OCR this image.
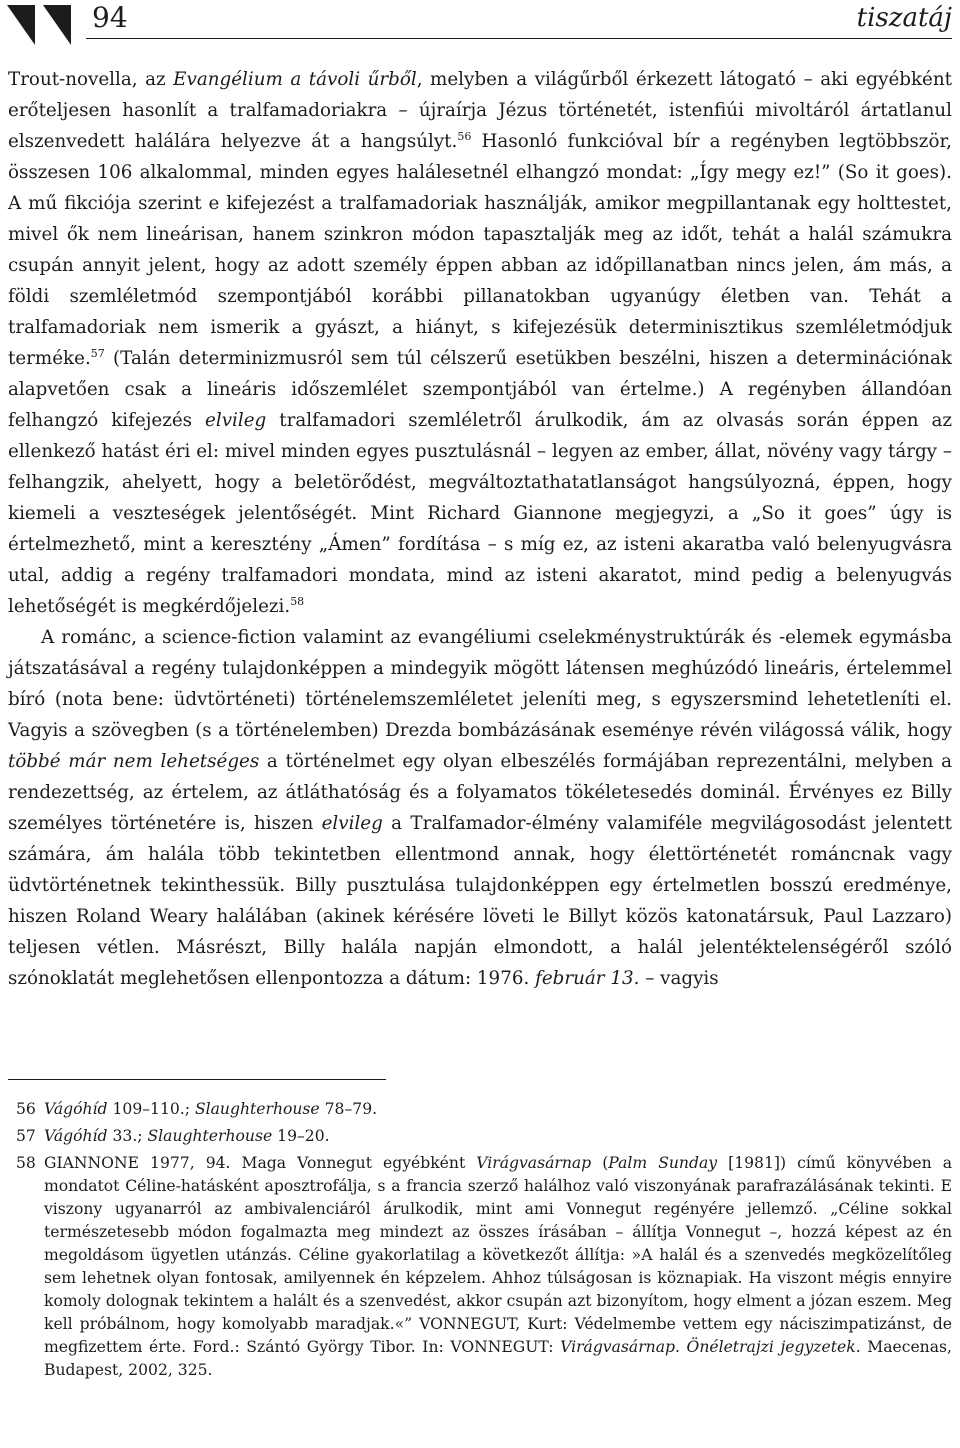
94	tiszatáj

Trout-novella, az Evangélium a távoli űrből, melyben a világűrből érkezett látogató – aki egyébként erőteljesen hasonlít a tralfamadoriakra – újraírja Jézus történetét, istenfiúi mivoltáról ártatlanul elszenvedett halálára helyezve át a hangsúlyt.$^{56}$ Hasonló funkcióval bír a regényben legtöbbször, összesen 106 alkalommal, minden egyes halálesetnél elhangzó mondat: „Így megy ez!” (So it goes). A mű fikciója szerint e kifejezést a tralfamadoriak használják, amikor megpillantanak egy holttestet, mivel ők nem lineárisan, hanem szinkron módon tapasztalják meg az időt, tehát a halál számukra csupán annyit jelent, hogy az adott személy éppen abban az időpillanatban nincs jelen, ám más, a földi szemléletmód szempontjából korábbi pillanatokban ugyanúgy életben van. Tehát a tralfamadoriak nem ismerik a gyászt, a hiányt, s kifejezésük determinisztikus szemléletmódjuk terméke.$^{57}$ (Talán determinizmusról sem túl célszerű esetükben beszélni, hiszen a determinációnak alapvetően csak a lineáris időszemlélet szempontjából van értelme.) A regényben állandóan felhangzó kifejezés elvileg tralfamadori szemléletről árulkodik, ám az olvasás során éppen az ellenkező hatást éri el: mivel minden egyes pusztulásnál – legyen az ember, állat, növény vagy tárgy – felhangzik, ahelyett, hogy a beletörődést, megváltoztathatatlanságot hangsúlyozná, éppen, hogy kiemeli a veszteségek jelentőségét. Mint Richard Giannone megjegyzi, a „So it goes” úgy is értelmezhető, mint a keresztény „Ámen” fordítása – s míg ez, az isteni akaratba való belenyugvásra utal, addig a regény tralfamadori mondata, mind az isteni akaratot, mind pedig a belenyugvás lehetőségét is megkérdőjelezi.$^{58}$

A románc, a science-fiction valamint az evangéliumi cselekménystruktúrák és -elemek egymásba játszatásával a regény tulajdonképpen a mindegyik mögött látensen meghúzódó lineáris, értelemmel bíró (nota bene: üdvtörténeti) történelemszemléletet jeleníti meg, s egyszersmind lehetetleníti el. Vagyis a szövegben (s a történelemben) Drezda bombázásának eseménye révén világossá válik, hogy többé már nem lehetséges a történelmet egy olyan elbeszélés formájában reprezentálni, melyben a rendezettség, az értelem, az átláthatóság és a folyamatos tökéletesedés dominál. Érvényes ez Billy személyes történetére is, hiszen elvileg a Tralfamador-élmény valamiféle megvilágosodást jelentett számára, ám halála több tekintetben ellentmond annak, hogy élettörténetét románcnak vagy üdvtörténetnek tekinthessük. Billy pusztulása tulajdonképpen egy értelmetlen bosszú eredménye, hiszen Roland Weary halálában (akinek kérésére löveti le Billyt közös katonatársuk, Paul Lazzaro) teljesen vétlen. Másrészt, Billy halála napján elmondott, a halál jelentéktelenségéről szóló szónoklatát meglehetősen ellenpontozza a dátum: 1976. február 13. – vagyis

56 Vágóhíd 109–110.; Slaughterhouse 78–79.
57 Vágóhíd 33.; Slaughterhouse 19–20.
58 GIANNONE 1977, 94. Maga Vonnegut egyébként Virágvasárnap (Palm Sunday [1981]) című könyvében a mondatot Céline-hatásként aposztrofálja, s a francia szerző halálhoz való viszonyának parafrazálásának tekinti. E viszony ugyanarról az ambivalenciáról árulkodik, mint ami Vonnegut regényére jellemző. „Céline sokkal természetesebb módon fogalmazta meg mindezt az összes írásában – állítja Vonnegut –, hozzá képest az én megoldásom ügyetlen utánzás. Céline gyakorlatilag a következőt állítja: »A halál és a szenvedés megközelítőleg sem lehetnek olyan fontosak, amilyennek én képzelem. Ahhoz túlságosan is köznapiak. Ha viszont mégis ennyire komoly dolognak tekintem a halált és a szenvedést, akkor csupán azt bizonyítom, hogy elment a józan eszem. Meg kell próbálnom, hogy komolyabb maradjak.«” VONNEGUT, Kurt: Védelmembe vettem egy náciszimpatizánst, de megfizettem érte. Ford.: Szántó György Tibor. In: VONNEGUT: Virágvasárnap. Önéletrajzi jegyzetek. Maecenas, Budapest, 2002, 325.
